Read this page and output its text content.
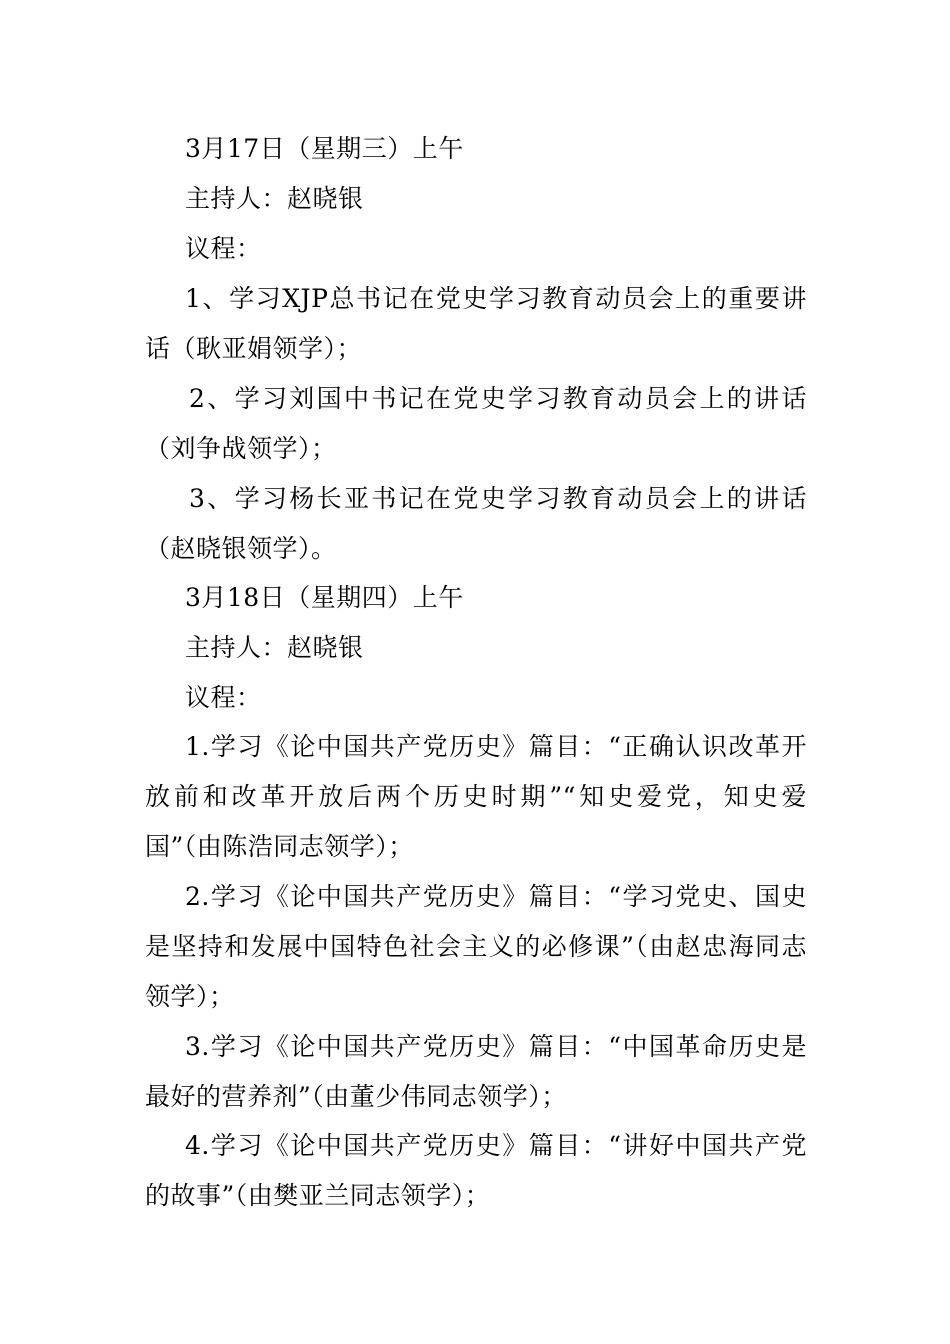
3月17日（星期三）上午
主持人：赵晓银
议程：
1、学习XJP总书记在党史学习教育动员会上的重要讲话（耿亚娟领学）；
2、学习刘国中书记在党史学习教育动员会上的讲话（刘争战领学）；
3、学习杨长亚书记在党史学习教育动员会上的讲话（赵晓银领学）。
3月18日（星期四）上午
主持人：赵晓银
议程：
1.学习《论中国共产党历史》篇目：“正确认识改革开放前和改革开放后两个历史时期”“知史爱党，知史爱国”（由陈浩同志领学）；
2.学习《论中国共产党历史》篇目：“学习党史、国史是坚持和发展中国特色社会主义的必修课”（由赵忠海同志领学）；
3.学习《论中国共产党历史》篇目：“中国革命历史是最好的营养剂”（由董少伟同志领学）；
4.学习《论中国共产党历史》篇目：“讲好中国共产党的故事”（由樊亚兰同志领学）；
